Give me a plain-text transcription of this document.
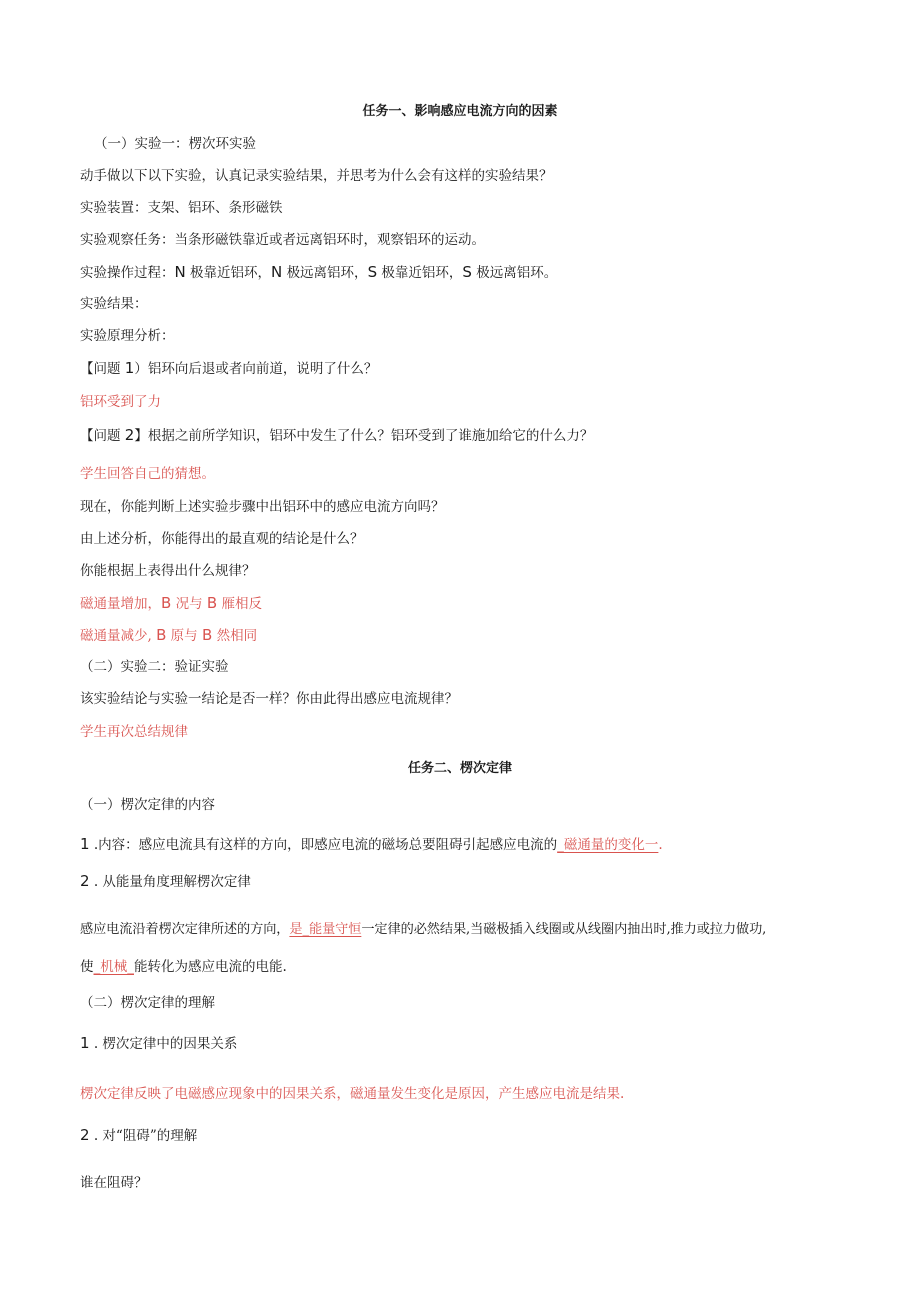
任务一、影响感应电流方向的因素
（一）实验一：楞次环实验
动手做以下以下实验，认真记录实验结果，并思考为什么会有这样的实验结果？
实验装置：支架、铝环、条形磁铁
实验观察任务：当条形磁铁靠近或者远离铝环时，观察铝环的运动。
实验操作过程：N 极靠近铝环，N 极远离铝环，S 极靠近铝环，S 极远离铝环。
实验结果：
实验原理分析：
【问题 1）铝环向后退或者向前道，说明了什么？
铝环受到了力
【问题 2】根据之前所学知识，铝环中发生了什么？铝环受到了谁施加给它的什么力？
学生回答自己的猜想。
现在，你能判断上述实验步骤中出铝环中的感应电流方向吗？
由上述分析，你能得出的最直观的结论是什么？
你能根据上表得出什么规律？
磁通量增加，B 况与 B 雁相反
磁通量减少, B 原与 B 然相同
（二）实验二：验证实验
该实验结论与实验一结论是否一样？你由此得出感应电流规律？
学生再次总结规律
任务二、楞次定律
（一）楞次定律的内容
1 .内容：感应电流具有这样的方向，即感应电流的磁场总要阻碍引起感应电流的_磁通量的变化一.
2 . 从能量角度理解楞次定律
感应电流沿着楞次定律所述的方向，是_能量守恒一定律的必然结果,当磁极插入线圈或从线圈内抽出时,推力或拉力做功,
使_机械_能转化为感应电流的电能.
（二）楞次定律的理解
1 . 楞次定律中的因果关系
楞次定律反映了电磁感应现象中的因果关系，磁通量发生变化是原因，产生感应电流是结果.
2 . 对“阻碍”的理解
谁在阻碍？
